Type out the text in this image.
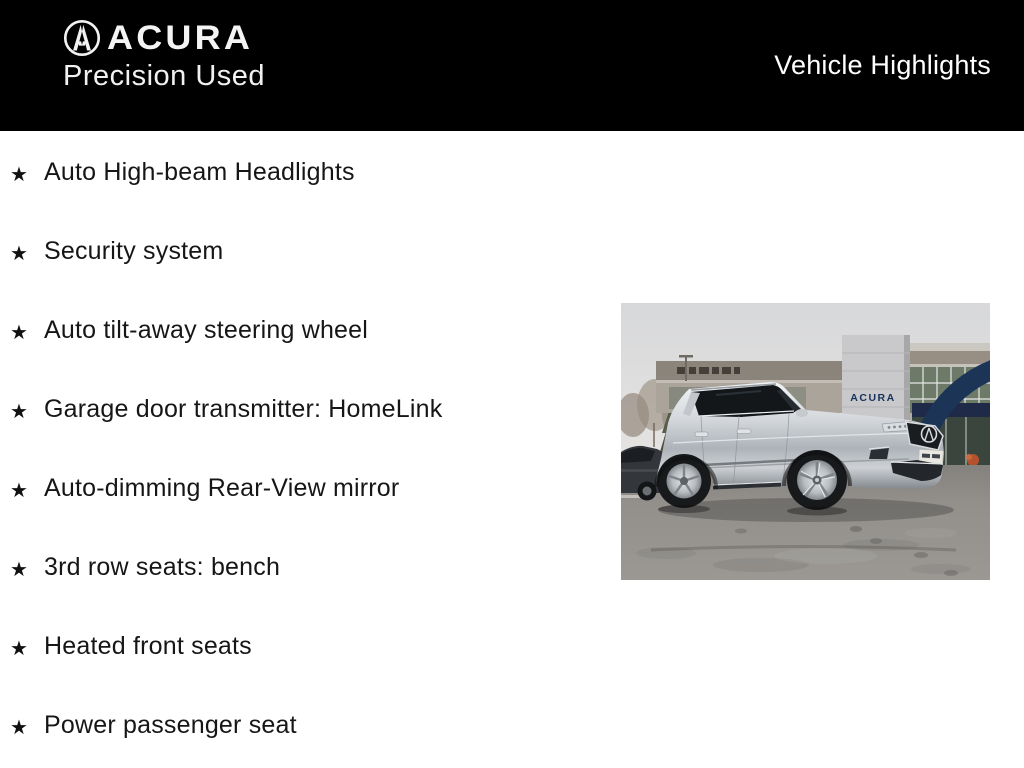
ACURA
Precision Used	Vehicle Highlights
★ Auto High-beam Headlights
★ Security system
★ Auto tilt-away steering wheel
★ Garage door transmitter: HomeLink
★ Auto-dimming Rear-View mirror
★ 3rd row seats: bench
★ Heated front seats
★ Power passenger seat
ACURA
